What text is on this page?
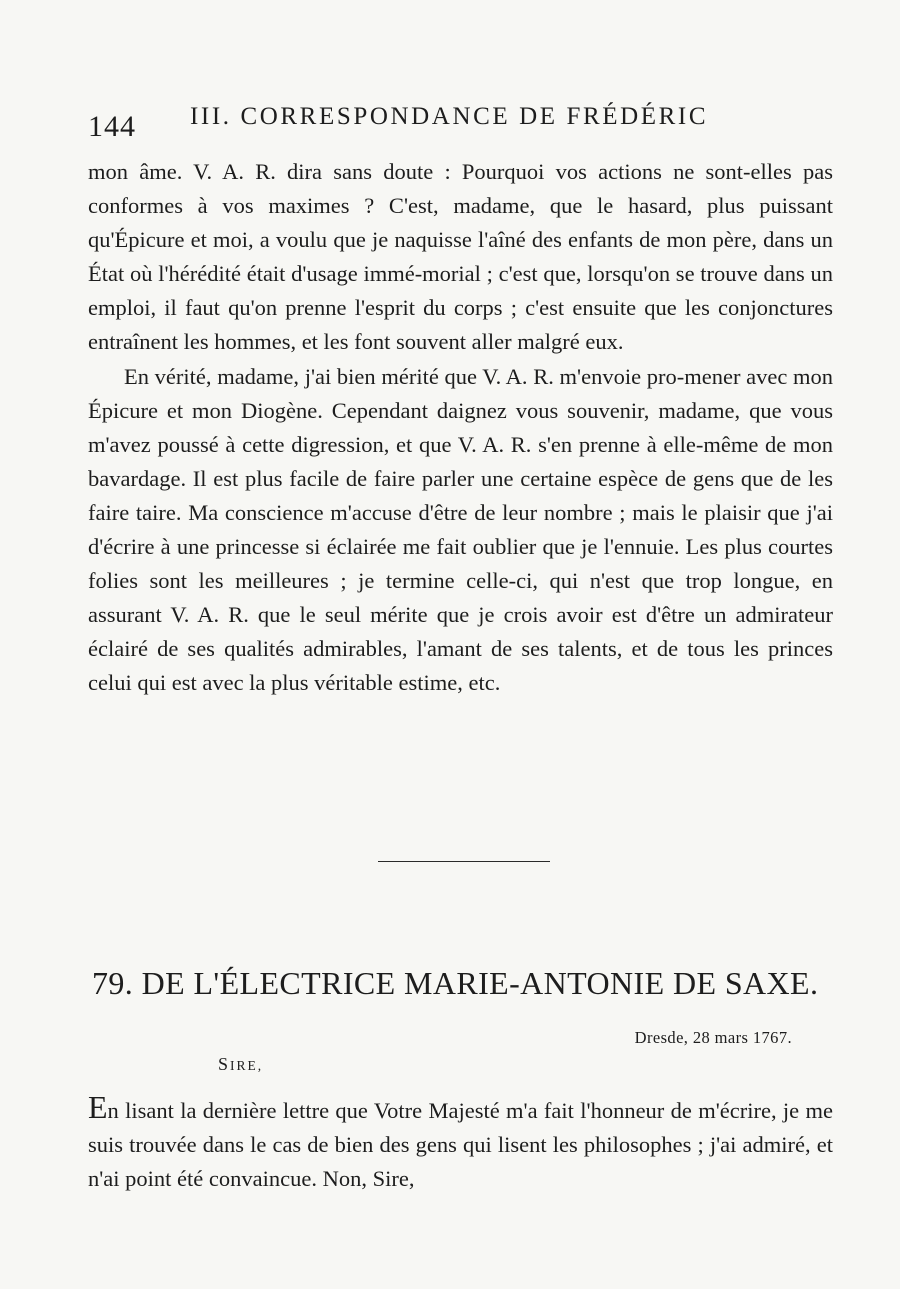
144 III. CORRESPONDANCE DE FRÉDÉRIC

mon âme. V. A. R. dira sans doute : Pourquoi vos actions ne sont-elles pas conformes à vos maximes ? C'est, madame, que le hasard, plus puissant qu'Épicure et moi, a voulu que je naquisse l'aîné des enfants de mon père, dans un État où l'hérédité était d'usage immé-morial ; c'est que, lorsqu'on se trouve dans un emploi, il faut qu'on prenne l'esprit du corps ; c'est ensuite que les conjonctures entraînent les hommes, et les font souvent aller malgré eux.

En vérité, madame, j'ai bien mérité que V. A. R. m'envoie pro-mener avec mon Épicure et mon Diogène. Cependant daignez vous souvenir, madame, que vous m'avez poussé à cette digression, et que V. A. R. s'en prenne à elle-même de mon bavardage. Il est plus facile de faire parler une certaine espèce de gens que de les faire taire. Ma conscience m'accuse d'être de leur nombre ; mais le plaisir que j'ai d'écrire à une princesse si éclairée me fait oublier que je l'ennuie. Les plus courtes folies sont les meilleures ; je termine celle-ci, qui n'est que trop longue, en assurant V. A. R. que le seul mérite que je crois avoir est d'être un admirateur éclairé de ses qualités admirables, l'amant de ses talents, et de tous les princes celui qui est avec la plus véritable estime, etc.

79. DE L'ÉLECTRICE MARIE-ANTONIE DE SAXE.
Dresde, 28 mars 1767.
SIRE,

En lisant la dernière lettre que Votre Majesté m'a fait l'honneur de m'écrire, je me suis trouvée dans le cas de bien des gens qui lisent les philosophes ; j'ai admiré, et n'ai point été convaincue. Non, Sire,
